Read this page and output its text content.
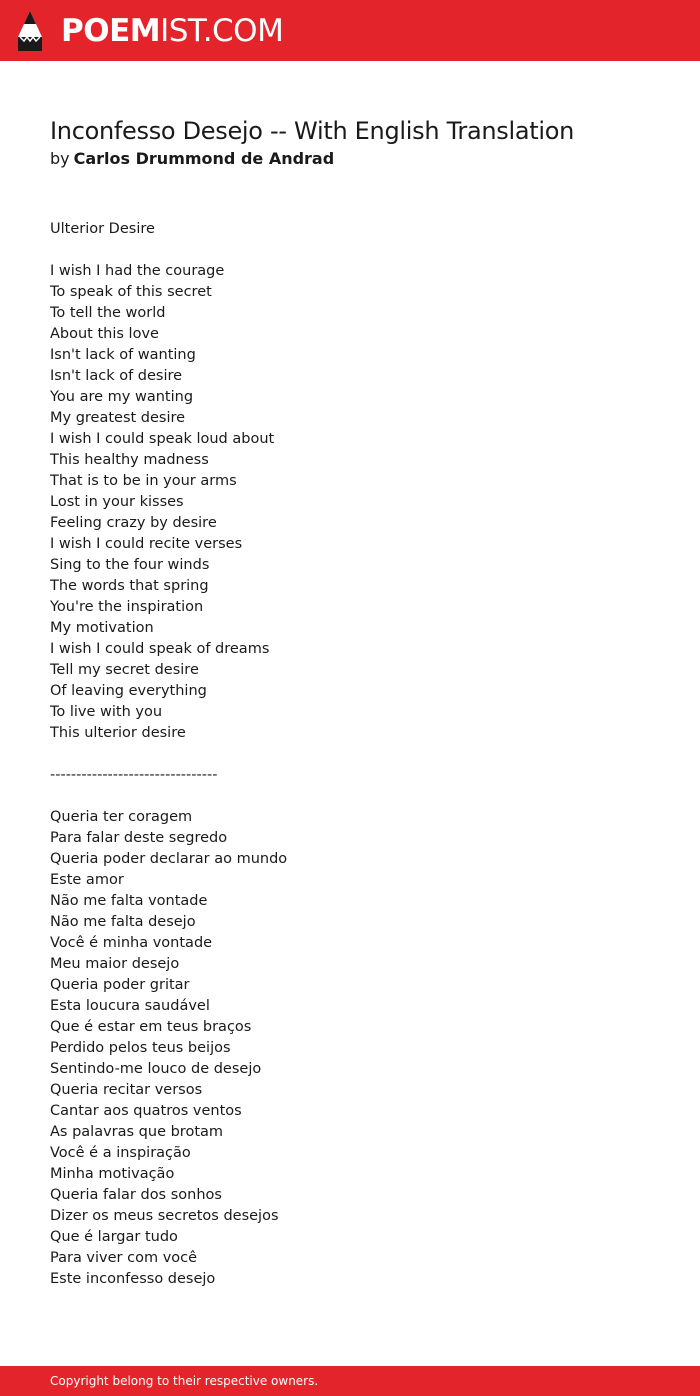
POEMIST.COM
Inconfesso Desejo -- With English Translation
by Carlos Drummond de Andrad
Ulterior Desire
I wish I had the courage
To speak of this secret
To tell the world
About this love
Isn't lack of wanting
Isn't lack of desire
You are my wanting
My greatest desire
I wish I could speak loud about
This healthy madness
That is to be in your arms
Lost in your kisses
Feeling crazy by desire
I wish I could recite verses
Sing to the four winds
The words that spring
You're the inspiration
My motivation
I wish I could speak of dreams
Tell my secret desire
Of leaving everything
To live with you
This ulterior desire
--------------------------------
Queria ter coragem
Para falar deste segredo
Queria poder declarar ao mundo
Este amor
Não me falta vontade
Não me falta desejo
Você é minha vontade
Meu maior desejo
Queria poder gritar
Esta loucura saudável
Que é estar em teus braços
Perdido pelos teus beijos
Sentindo-me louco de desejo
Queria recitar versos
Cantar aos quatros ventos
As palavras que brotam
Você é a inspiração
Minha motivação
Queria falar dos sonhos
Dizer os meus secretos desejos
Que é largar tudo
Para viver com você
Este inconfesso desejo
Copyright belong to their respective owners.
